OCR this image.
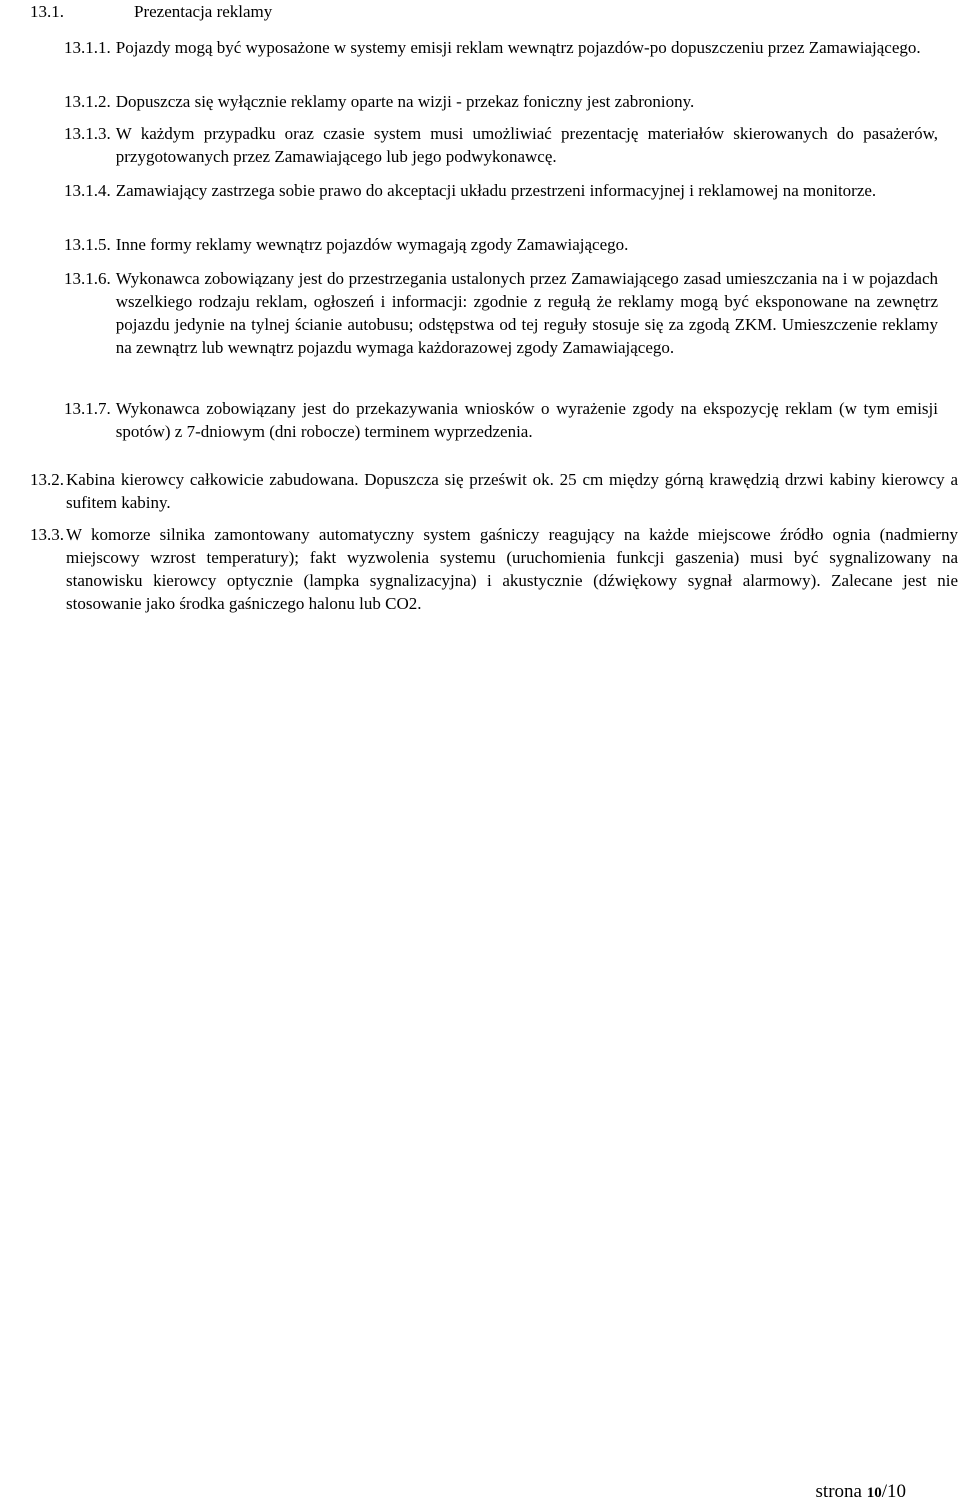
13.1.	Prezentacja reklamy
13.1.1. Pojazdy mogą być wyposażone w systemy emisji reklam wewnątrz pojazdów-po dopuszczeniu przez Zamawiającego.
13.1.2. Dopuszcza się wyłącznie reklamy oparte na wizji - przekaz foniczny jest zabroniony.
13.1.3. W każdym przypadku oraz czasie system musi umożliwiać prezentację materiałów skierowanych do pasażerów, przygotowanych przez Zamawiającego lub jego podwykonawcę.
13.1.4. Zamawiający zastrzega sobie prawo do akceptacji układu przestrzeni informacyjnej i reklamowej na monitorze.
13.1.5. Inne formy reklamy wewnątrz pojazdów wymagają zgody Zamawiającego.
13.1.6. Wykonawca zobowiązany jest do przestrzegania ustalonych przez Zamawiającego zasad umieszczania na i w pojazdach wszelkiego rodzaju reklam, ogłoszeń i informacji: zgodnie z regułą że reklamy mogą być eksponowane na zewnętrz pojazdu jedynie na tylnej ścianie autobusu; odstępstwa od tej reguły stosuje się za zgodą ZKM. Umieszczenie reklamy na zewnątrz lub wewnątrz pojazdu wymaga każdorazowej zgody Zamawiającego.
13.1.7. Wykonawca zobowiązany jest do przekazywania wniosków o wyrażenie zgody na ekspozycję reklam (w tym emisji spotów) z 7-dniowym (dni robocze) terminem wyprzedzenia.
13.2. Kabina kierowcy całkowicie zabudowana. Dopuszcza się prześwit ok. 25 cm między górną krawędzią drzwi kabiny kierowcy a sufitem kabiny.
13.3. W komorze silnika zamontowany automatyczny system gaśniczy reagujący na każde miejscowe źródło ognia (nadmierny miejscowy wzrost temperatury); fakt wyzwolenia systemu (uruchomienia funkcji gaszenia) musi być sygnalizowany na stanowisku kierowcy optycznie (lampka sygnalizacyjna) i akustycznie (dźwiękowy sygnał alarmowy). Zalecane jest nie stosowanie jako środka gaśniczego halonu lub CO2.
strona 10/10
